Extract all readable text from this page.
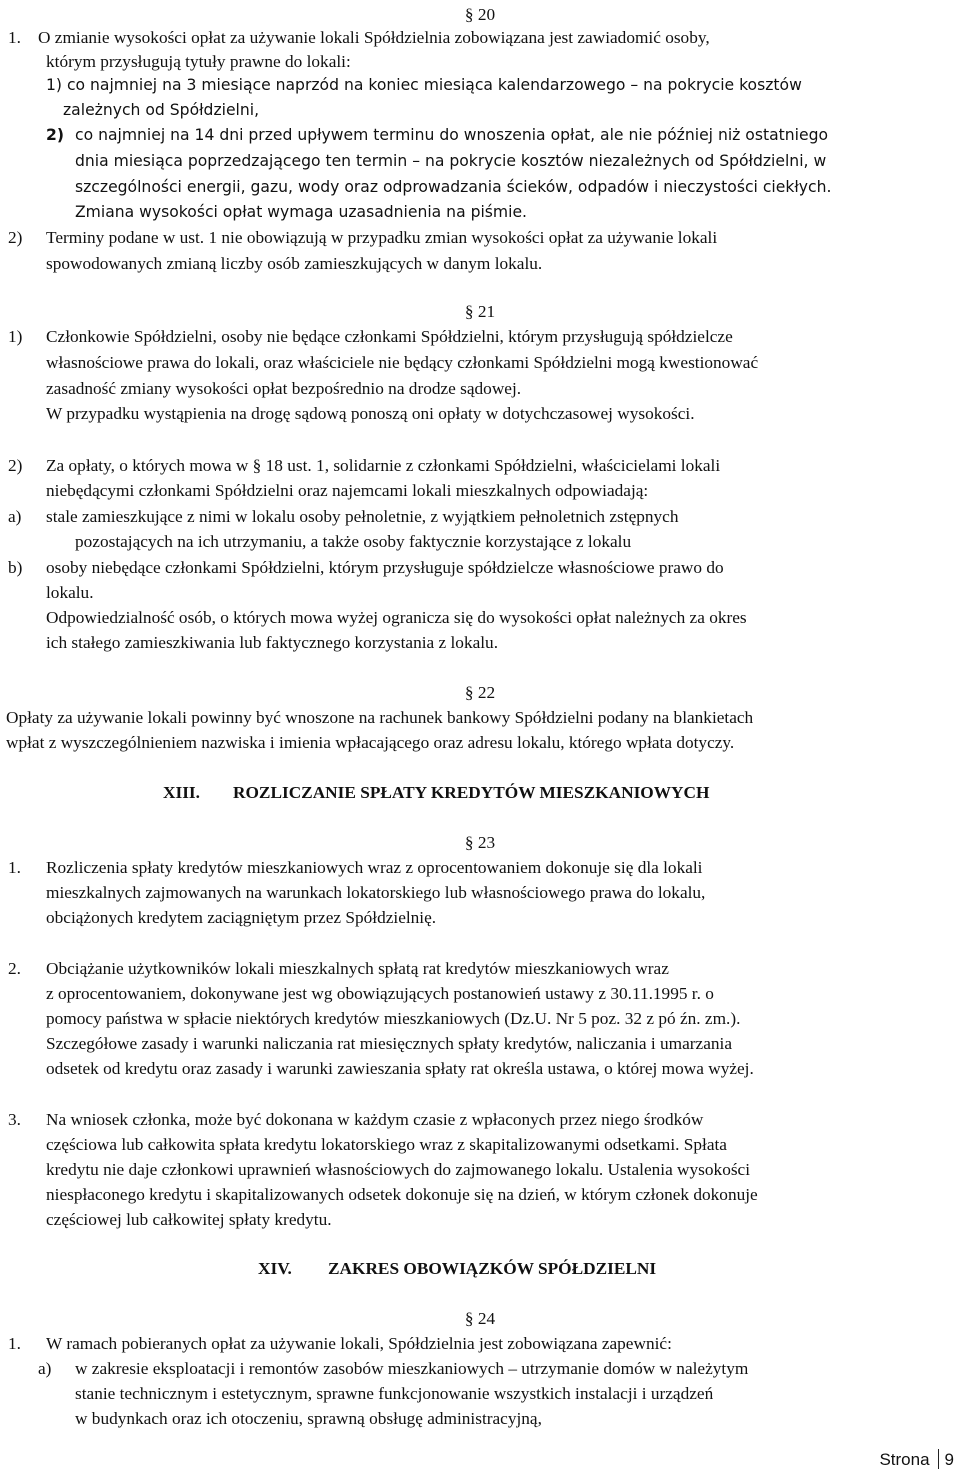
§ 20
1. O zmianie wysokości opłat za używanie lokali Spółdzielnia zobowiązana jest zawiadomić osoby,
którym przysługują tytuły prawne do lokali:
1) co najmniej na 3 miesiące naprzód na koniec miesiąca kalendarzowego – na pokrycie kosztów
zależnych od Spółdzielni,
2) co najmniej na 14 dni przed upływem terminu do wnoszenia opłat, ale nie później niż ostatniego
dnia miesiąca poprzedzającego ten termin – na pokrycie kosztów niezależnych od Spółdzielni, w
szczególności energii, gazu, wody oraz odprowadzania ścieków, odpadów i nieczystości ciekłych.
Zmiana wysokości opłat wymaga uzasadnienia na piśmie.
2) Terminy podane w ust. 1 nie obowiązują w przypadku zmian wysokości opłat za używanie lokali
spowodowanych zmianą liczby osób zamieszkujących w danym lokalu.
§ 21
1) Członkowie Spółdzielni, osoby nie będące członkami Spółdzielni, którym przysługują spółdzielcze
własnościowe prawa do lokali, oraz właściciele nie będący członkami Spółdzielni mogą kwestionować
zasadność zmiany wysokości opłat bezpośrednio na drodze sądowej.
W przypadku wystąpienia na drogę sądową ponoszą oni opłaty w dotychczasowej wysokości.
2) Za opłaty, o których mowa w § 18 ust. 1, solidarnie z członkami Spółdzielni, właścicielami lokali
niebędącymi członkami Spółdzielni oraz najemcami lokali mieszkalnych odpowiadają:
a) stale zamieszkujące z nimi w lokalu osoby pełnoletnie, z wyjątkiem pełnoletnich zstępnych
pozostających na ich utrzymaniu, a także osoby faktycznie korzystające z lokalu
b) osoby niebędące członkami Spółdzielni, którym przysługuje spółdzielcze własnościowe prawo do
lokalu.
Odpowiedzialność osób, o których mowa wyżej ogranicza się do wysokości opłat należnych za okres
ich stałego zamieszkiwania lub faktycznego korzystania z lokalu.
§ 22
Opłaty za używanie lokali powinny być wnoszone na rachunek bankowy Spółdzielni podany na blankietach
wpłat z wyszczególnieniem nazwiska i imienia wpłacającego oraz adresu lokalu, którego wpłata dotyczy.
XIII. ROZLICZANIE SPŁATY KREDYTÓW MIESZKANIOWYCH
§ 23
1. Rozliczenia spłaty kredytów mieszkaniowych wraz z oprocentowaniem dokonuje się dla lokali
mieszkalnych zajmowanych na warunkach lokatorskiego lub własnościowego prawa do lokalu,
obciążonych kredytem zaciągniętym przez Spółdzielnię.
2. Obciążanie użytkowników lokali mieszkalnych spłatą rat kredytów mieszkaniowych wraz
z oprocentowaniem, dokonywane jest wg obowiązujących postanowień ustawy z 30.11.1995 r. o
pomocy państwa w spłacie niektórych kredytów mieszkaniowych (Dz.U. Nr 5 poz. 32 z pó źn. zm.).
Szczegółowe zasady i warunki naliczania rat miesięcznych spłaty kredytów, naliczania i umarzania
odsetek od kredytu oraz zasady i warunki zawieszania spłaty rat określa ustawa, o której mowa wyżej.
3. Na wniosek członka, może być dokonana w każdym czasie z wpłaconych przez niego środków
częściowa lub całkowita spłata kredytu lokatorskiego wraz z skapitalizowanymi odsetkami. Spłata
kredytu nie daje członkowi uprawnień własnościowych do zajmowanego lokalu. Ustalenia wysokości
niespłaconego kredytu i skapitalizowanych odsetek dokonuje się na dzień, w którym członek dokonuje
częściowej lub całkowitej spłaty kredytu.
XIV. ZAKRES OBOWIĄZKÓW SPÓŁDZIELNI
§ 24
1. W ramach pobieranych opłat za używanie lokali, Spółdzielnia jest zobowiązana zapewnić:
a) w zakresie eksploatacji i remontów zasobów mieszkaniowych – utrzymanie domów w należytym
stanie technicznym i estetycznym, sprawne funkcjonowanie wszystkich instalacji i urządzeń
w budynkach oraz ich otoczeniu, sprawną obsługę administracyjną,
Strona 9
